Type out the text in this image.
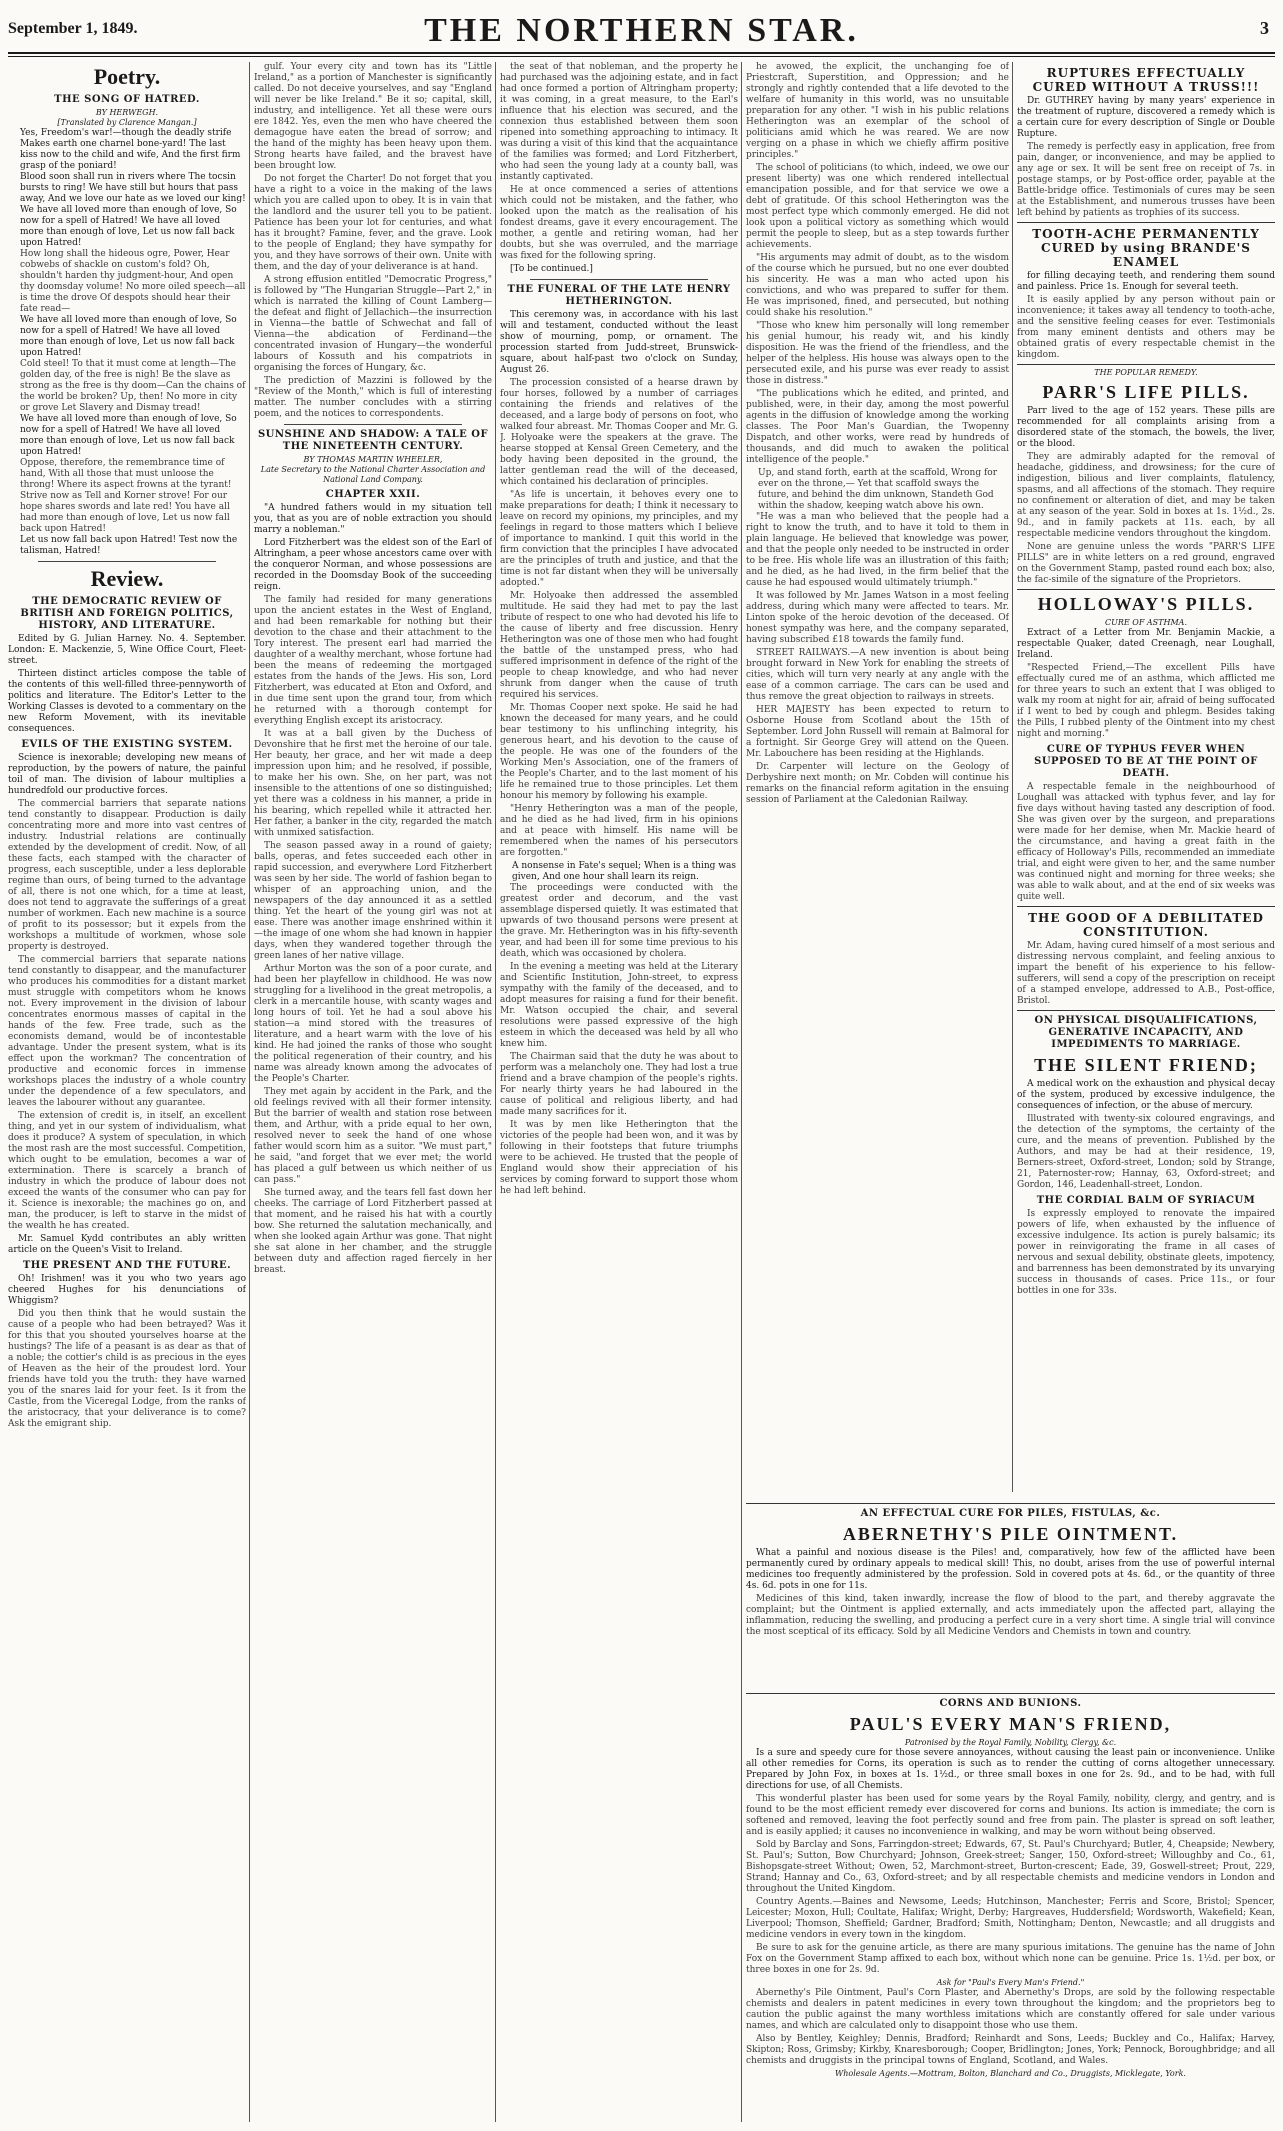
September 1, 1849.	THE NORTHERN STAR.	3
Poetry.
THE SONG OF HATRED.
BY HERWEGH.
[Translated by Clarence Mangan.]

Yes, Freedom's war!—though the deadly strife Makes earth one charnel bone-yard! The last kiss now to the child and wife, And the first firm grasp of the poniard!

Blood soon shall run in rivers where The tocsin bursts to ring! We have still but hours that pass away, And we love our hate as we loved our king!

We have all loved more than enough of love, So now for a spell of Hatred! We have all loved more than enough of love, Let us now fall back upon Hatred!

How long shall the hideous ogre, Power, Hear cobwebs of shackle on custom's fold? Oh, shouldn't harden thy judgment-hour, And open thy doomsday volume! No more oiled speech—all is time the drove Of despots should hear their fate read—

We have all loved more than enough of love, So now for a spell of Hatred! We have all loved more than enough of love, Let us now fall back upon Hatred!

Cold steel! To that it must come at length—The golden day, of the free is nigh! Be the slave as strong as the free is thy doom—Can the chains of the world be broken? Up, then! No more in city or grove Let Slavery and Dismay tread!

We have all loved more than enough of love, So now for a spell of Hatred! We have all loved more than enough of love, Let us now fall back upon Hatred!

Oppose, therefore, the remembrance time of hand, With all those that must unloose the throng! Where its aspect frowns at the tyrant! Strive now as Tell and Korner strove! For our hope shares swords and late red! You have all had more than enough of love, Let us now fall back upon Hatred!

Let us now fall back upon Hatred! Test now the talisman, Hatred!

Review.
THE DEMOCRATIC REVIEW OF BRITISH AND FOREIGN POLITICS, HISTORY, AND LITERATURE.

Edited by G. Julian Harney. No. 4. September. London: E. Mackenzie, 5, Wine Office Court, Fleet-street.

Thirteen distinct articles compose the table of the contents of this well-filled three-pennyworth of politics and literature. The Editor's Letter to the Working Classes is devoted to a commentary on the new Reform Movement, with its inevitable consequences.

EVILS OF THE EXISTING SYSTEM.

Science is inexorable; developing new means of reproduction, by the powers of nature, the painful toil of man. The division of labour multiplies a hundredfold our productive forces.

The commercial barriers that separate nations tend constantly to disappear. Production is daily concentrating more and more into vast centres of industry. Industrial relations are continually extended by the development of credit. Now, of all these facts, each stamped with the character of progress, each susceptible, under a less deplorable regime than ours, of being turned to the advantage of all, there is not one which, for a time at least, does not tend to aggravate the sufferings of a great number of workmen. Each new machine is a source of profit to its possessor; but it expels from the workshops a multitude of workmen, whose sole property is destroyed.

The commercial barriers that separate nations tend constantly to disappear, and the manufacturer who produces his commodities for a distant market must struggle with competitors whom he knows not. Every improvement in the division of labour concentrates enormous masses of capital in the hands of the few. Free trade, such as the economists demand, would be of incontestable advantage. Under the present system, what is its effect upon the workman? The concentration of productive and economic forces in immense workshops places the industry of a whole country under the dependence of a few speculators, and leaves the labourer without any guarantee.

The extension of credit is, in itself, an excellent thing, and yet in our system of individualism, what does it produce? A system of speculation, in which the most rash are the most successful. Competition, which ought to be emulation, becomes a war of extermination. There is scarcely a branch of industry in which the produce of labour does not exceed the wants of the consumer who can pay for it. Science is inexorable; the machines go on, and man, the producer, is left to starve in the midst of the wealth he has created.

Mr. Samuel Kydd contributes an ably written article on the Queen's Visit to Ireland.

THE PRESENT AND THE FUTURE.

Oh! Irishmen! was it you who two years ago cheered Hughes for his denunciations of Whiggism?

Did you then think that he would sustain the cause of a people who had been betrayed? Was it for this that you shouted yourselves hoarse at the hustings? The life of a peasant is as dear as that of a noble; the cottier's child is as precious in the eyes of Heaven as the heir of the proudest lord. Your friends have told you the truth: they have warned you of the snares laid for your feet. Is it from the Castle, from the Viceregal Lodge, from the ranks of the aristocracy, that your deliverance is to come? Ask the emigrant ship.

gulf. Your every city and town has its "Little Ireland," as a portion of Manchester is significantly called. Do not deceive yourselves, and say "England will never be like Ireland." Be it so; capital, skill, industry, and intelligence. Yet all these were ours ere 1842. Yes, even the men who have cheered the demagogue have eaten the bread of sorrow; and the hand of the mighty has been heavy upon them. Strong hearts have failed, and the bravest have been brought low.

Do not forget the Charter! Do not forget that you have a right to a voice in the making of the laws which you are called upon to obey. It is in vain that the landlord and the usurer tell you to be patient. Patience has been your lot for centuries, and what has it brought? Famine, fever, and the grave. Look to the people of England; they have sympathy for you, and they have sorrows of their own. Unite with them, and the day of your deliverance is at hand.

A strong effusion entitled "Democratic Progress," is followed by "The Hungarian Struggle—Part 2," in which is narrated the killing of Count Lamberg—the defeat and flight of Jellachich—the insurrection in Vienna—the battle of Schwechat and fall of Vienna—the abdication of Ferdinand—the concentrated invasion of Hungary—the wonderful labours of Kossuth and his compatriots in organising the forces of Hungary, &c.

The prediction of Mazzini is followed by the "Review of the Month," which is full of interesting matter. The number concludes with a stirring poem, and the notices to correspondents.

SUNSHINE AND SHADOW: A TALE OF THE NINETEENTH CENTURY.
BY THOMAS MARTIN WHEELER,
Late Secretary to the National Charter Association and National Land Company.
CHAPTER XXII.

"A hundred fathers would in my situation tell you, that as you are of noble extraction you should marry a nobleman."

Lord Fitzherbert was the eldest son of the Earl of Altringham, a peer whose ancestors came over with the conqueror Norman, and whose possessions are recorded in the Doomsday Book of the succeeding reign.

The family had resided for many generations upon the ancient estates in the West of England, and had been remarkable for nothing but their devotion to the chase and their attachment to the Tory interest. The present earl had married the daughter of a wealthy merchant, whose fortune had been the means of redeeming the mortgaged estates from the hands of the Jews. His son, Lord Fitzherbert, was educated at Eton and Oxford, and in due time sent upon the grand tour, from which he returned with a thorough contempt for everything English except its aristocracy.

It was at a ball given by the Duchess of Devonshire that he first met the heroine of our tale. Her beauty, her grace, and her wit made a deep impression upon him; and he resolved, if possible, to make her his own. She, on her part, was not insensible to the attentions of one so distinguished; yet there was a coldness in his manner, a pride in his bearing, which repelled while it attracted her. Her father, a banker in the city, regarded the match with unmixed satisfaction.

The season passed away in a round of gaiety; balls, operas, and fetes succeeded each other in rapid succession, and everywhere Lord Fitzherbert was seen by her side. The world of fashion began to whisper of an approaching union, and the newspapers of the day announced it as a settled thing. Yet the heart of the young girl was not at ease. There was another image enshrined within it—the image of one whom she had known in happier days, when they wandered together through the green lanes of her native village.

Arthur Morton was the son of a poor curate, and had been her playfellow in childhood. He was now struggling for a livelihood in the great metropolis, a clerk in a mercantile house, with scanty wages and long hours of toil. Yet he had a soul above his station—a mind stored with the treasures of literature, and a heart warm with the love of his kind. He had joined the ranks of those who sought the political regeneration of their country, and his name was already known among the advocates of the People's Charter.

They met again by accident in the Park, and the old feelings revived with all their former intensity. But the barrier of wealth and station rose between them, and Arthur, with a pride equal to her own, resolved never to seek the hand of one whose father would scorn him as a suitor. "We must part," he said, "and forget that we ever met; the world has placed a gulf between us which neither of us can pass."

She turned away, and the tears fell fast down her cheeks. The carriage of Lord Fitzherbert passed at that moment, and he raised his hat with a courtly bow. She returned the salutation mechanically, and when she looked again Arthur was gone. That night she sat alone in her chamber, and the struggle between duty and affection raged fiercely in her breast.

the seat of that nobleman, and the property he had purchased was the adjoining estate, and in fact had once formed a portion of Altringham property; it was coming, in a great measure, to the Earl's influence that his election was secured, and the connexion thus established between them soon ripened into something approaching to intimacy. It was during a visit of this kind that the acquaintance of the families was formed; and Lord Fitzherbert, who had seen the young lady at a county ball, was instantly captivated.

He at once commenced a series of attentions which could not be mistaken, and the father, who looked upon the match as the realisation of his fondest dreams, gave it every encouragement. The mother, a gentle and retiring woman, had her doubts, but she was overruled, and the marriage was fixed for the following spring.

[To be continued.]

THE FUNERAL OF THE LATE HENRY HETHERINGTON.

This ceremony was, in accordance with his last will and testament, conducted without the least show of mourning, pomp, or ornament. The procession started from Judd-street, Brunswick-square, about half-past two o'clock on Sunday, August 26.

The procession consisted of a hearse drawn by four horses, followed by a number of carriages containing the friends and relatives of the deceased, and a large body of persons on foot, who walked four abreast. Mr. Thomas Cooper and Mr. G. J. Holyoake were the speakers at the grave. The hearse stopped at Kensal Green Cemetery, and the body having been deposited in the ground, the latter gentleman read the will of the deceased, which contained his declaration of principles.

"As life is uncertain, it behoves every one to make preparations for death; I think it necessary to leave on record my opinions, my principles, and my feelings in regard to those matters which I believe of importance to mankind. I quit this world in the firm conviction that the principles I have advocated are the principles of truth and justice, and that the time is not far distant when they will be universally adopted."

Mr. Holyoake then addressed the assembled multitude. He said they had met to pay the last tribute of respect to one who had devoted his life to the cause of liberty and free discussion. Henry Hetherington was one of those men who had fought the battle of the unstamped press, who had suffered imprisonment in defence of the right of the people to cheap knowledge, and who had never shrunk from danger when the cause of truth required his services.

Mr. Thomas Cooper next spoke. He said he had known the deceased for many years, and he could bear testimony to his unflinching integrity, his generous heart, and his devotion to the cause of the people. He was one of the founders of the Working Men's Association, one of the framers of the People's Charter, and to the last moment of his life he remained true to those principles. Let them honour his memory by following his example.

"Henry Hetherington was a man of the people, and he died as he had lived, firm in his opinions and at peace with himself. His name will be remembered when the names of his persecutors are forgotten."

A nonsense in Fate's sequel; When is a thing was given, And one hour shall learn its reign.

The proceedings were conducted with the greatest order and decorum, and the vast assemblage dispersed quietly. It was estimated that upwards of two thousand persons were present at the grave. Mr. Hetherington was in his fifty-seventh year, and had been ill for some time previous to his death, which was occasioned by cholera.

In the evening a meeting was held at the Literary and Scientific Institution, John-street, to express sympathy with the family of the deceased, and to adopt measures for raising a fund for their benefit. Mr. Watson occupied the chair, and several resolutions were passed expressive of the high esteem in which the deceased was held by all who knew him.

The Chairman said that the duty he was about to perform was a melancholy one. They had lost a true friend and a brave champion of the people's rights. For nearly thirty years he had laboured in the cause of political and religious liberty, and had made many sacrifices for it.

It was by men like Hetherington that the victories of the people had been won, and it was by following in their footsteps that future triumphs were to be achieved. He trusted that the people of England would show their appreciation of his services by coming forward to support those whom he had left behind.

he avowed, the explicit, the unchanging foe of Priestcraft, Superstition, and Oppression; and he strongly and rightly contended that a life devoted to the welfare of humanity in this world, was no unsuitable preparation for any other. "I wish in his public relations Hetherington was an exemplar of the school of politicians amid which he was reared. We are now verging on a phase in which we chiefly affirm positive principles."

The school of politicians (to which, indeed, we owe our present liberty) was one which rendered intellectual emancipation possible, and for that service we owe a debt of gratitude. Of this school Hetherington was the most perfect type which commonly emerged. He did not look upon a political victory as something which would permit the people to sleep, but as a step towards further achievements.

"His arguments may admit of doubt, as to the wisdom of the course which he pursued, but no one ever doubted his sincerity. He was a man who acted upon his convictions, and who was prepared to suffer for them. He was imprisoned, fined, and persecuted, but nothing could shake his resolution."

"Those who knew him personally will long remember his genial humour, his ready wit, and his kindly disposition. He was the friend of the friendless, and the helper of the helpless. His house was always open to the persecuted exile, and his purse was ever ready to assist those in distress."

"The publications which he edited, and printed, and published, were, in their day, among the most powerful agents in the diffusion of knowledge among the working classes. The Poor Man's Guardian, the Twopenny Dispatch, and other works, were read by hundreds of thousands, and did much to awaken the political intelligence of the people."

Up, and stand forth, earth at the scaffold, Wrong for ever on the throne,— Yet that scaffold sways the future, and behind the dim unknown, Standeth God within the shadow, keeping watch above his own.

"He was a man who believed that the people had a right to know the truth, and to have it told to them in plain language. He believed that knowledge was power, and that the people only needed to be instructed in order to be free. His whole life was an illustration of this faith; and he died, as he had lived, in the firm belief that the cause he had espoused would ultimately triumph."

It was followed by Mr. James Watson in a most feeling address, during which many were affected to tears. Mr. Linton spoke of the heroic devotion of the deceased. Of honest sympathy was here, and the company separated, having subscribed £18 towards the family fund.

STREET RAILWAYS.—A new invention is about being brought forward in New York for enabling the streets of cities, which will turn very nearly at any angle with the ease of a common carriage. The cars can be used and thus remove the great objection to railways in streets.

HER MAJESTY has been expected to return to Osborne House from Scotland about the 15th of September. Lord John Russell will remain at Balmoral for a fortnight. Sir George Grey will attend on the Queen. Mr. Labouchere has been residing at the Highlands.

Dr. Carpenter will lecture on the Geology of Derbyshire next month; on Mr. Cobden will continue his remarks on the financial reform agitation in the ensuing session of Parliament at the Caledonian Railway.

RUPTURES EFFECTUALLY CURED WITHOUT A TRUSS!!!

Dr. GUTHREY having by many years' experience in the treatment of rupture, discovered a remedy which is a certain cure for every description of Single or Double Rupture.

The remedy is perfectly easy in application, free from pain, danger, or inconvenience, and may be applied to any age or sex. It will be sent free on receipt of 7s. in postage stamps, or by Post-office order, payable at the Battle-bridge office. Testimonials of cures may be seen at the Establishment, and numerous trusses have been left behind by patients as trophies of its success.

TOOTH-ACHE PERMANENTLY CURED by using BRANDE'S ENAMEL

for filling decaying teeth, and rendering them sound and painless. Price 1s. Enough for several teeth.

It is easily applied by any person without pain or inconvenience; it takes away all tendency to tooth-ache, and the sensitive feeling ceases for ever. Testimonials from many eminent dentists and others may be obtained gratis of every respectable chemist in the kingdom.

THE POPULAR REMEDY.
PARR'S LIFE PILLS.

Parr lived to the age of 152 years. These pills are recommended for all complaints arising from a disordered state of the stomach, the bowels, the liver, or the blood.

They are admirably adapted for the removal of headache, giddiness, and drowsiness; for the cure of indigestion, bilious and liver complaints, flatulency, spasms, and all affections of the stomach. They require no confinement or alteration of diet, and may be taken at any season of the year. Sold in boxes at 1s. 1½d., 2s. 9d., and in family packets at 11s. each, by all respectable medicine vendors throughout the kingdom.

None are genuine unless the words "PARR'S LIFE PILLS" are in white letters on a red ground, engraved on the Government Stamp, pasted round each box; also, the fac-simile of the signature of the Proprietors.

HOLLOWAY'S PILLS.
CURE OF ASTHMA.

Extract of a Letter from Mr. Benjamin Mackie, a respectable Quaker, dated Creenagh, near Loughall, Ireland.

"Respected Friend,—The excellent Pills have effectually cured me of an asthma, which afflicted me for three years to such an extent that I was obliged to walk my room at night for air, afraid of being suffocated if I went to bed by cough and phlegm. Besides taking the Pills, I rubbed plenty of the Ointment into my chest night and morning."

CURE OF TYPHUS FEVER WHEN SUPPOSED TO BE AT THE POINT OF DEATH.

A respectable female in the neighbourhood of Loughall was attacked with typhus fever, and lay for five days without having tasted any description of food. She was given over by the surgeon, and preparations were made for her demise, when Mr. Mackie heard of the circumstance, and having a great faith in the efficacy of Holloway's Pills, recommended an immediate trial, and eight were given to her, and the same number was continued night and morning for three weeks; she was able to walk about, and at the end of six weeks was quite well.

THE GOOD OF A DEBILITATED CONSTITUTION.

Mr. Adam, having cured himself of a most serious and distressing nervous complaint, and feeling anxious to impart the benefit of his experience to his fellow-sufferers, will send a copy of the prescription on receipt of a stamped envelope, addressed to A.B., Post-office, Bristol.

ON PHYSICAL DISQUALIFICATIONS, GENERATIVE INCAPACITY, AND IMPEDIMENTS TO MARRIAGE.
THE SILENT FRIEND;

A medical work on the exhaustion and physical decay of the system, produced by excessive indulgence, the consequences of infection, or the abuse of mercury.

Illustrated with twenty-six coloured engravings, and the detection of the symptoms, the certainty of the cure, and the means of prevention. Published by the Authors, and may be had at their residence, 19, Berners-street, Oxford-street, London; sold by Strange, 21, Paternoster-row; Hannay, 63, Oxford-street; and Gordon, 146, Leadenhall-street, London.

THE CORDIAL BALM OF SYRIACUM

Is expressly employed to renovate the impaired powers of life, when exhausted by the influence of excessive indulgence. Its action is purely balsamic; its power in reinvigorating the frame in all cases of nervous and sexual debility, obstinate gleets, impotency, and barrenness has been demonstrated by its unvarying success in thousands of cases. Price 11s., or four bottles in one for 33s.

AN EFFECTUAL CURE FOR PILES, FISTULAS, &c.
ABERNETHY'S PILE OINTMENT.

What a painful and noxious disease is the Piles! and, comparatively, how few of the afflicted have been permanently cured by ordinary appeals to medical skill! This, no doubt, arises from the use of powerful internal medicines too frequently administered by the profession. Sold in covered pots at 4s. 6d., or the quantity of three 4s. 6d. pots in one for 11s.

Medicines of this kind, taken inwardly, increase the flow of blood to the part, and thereby aggravate the complaint; but the Ointment is applied externally, and acts immediately upon the affected part, allaying the inflammation, reducing the swelling, and producing a perfect cure in a very short time. A single trial will convince the most sceptical of its efficacy. Sold by all Medicine Vendors and Chemists in town and country.

CORNS AND BUNIONS.
PAUL'S EVERY MAN'S FRIEND,
Patronised by the Royal Family, Nobility, Clergy, &c.

Is a sure and speedy cure for those severe annoyances, without causing the least pain or inconvenience. Unlike all other remedies for Corns, its operation is such as to render the cutting of corns altogether unnecessary. Prepared by John Fox, in boxes at 1s. 1½d., or three small boxes in one for 2s. 9d., and to be had, with full directions for use, of all Chemists.

This wonderful plaster has been used for some years by the Royal Family, nobility, clergy, and gentry, and is found to be the most efficient remedy ever discovered for corns and bunions. Its action is immediate; the corn is softened and removed, leaving the foot perfectly sound and free from pain. The plaster is spread on soft leather, and is easily applied; it causes no inconvenience in walking, and may be worn without being observed.

Sold by Barclay and Sons, Farringdon-street; Edwards, 67, St. Paul's Churchyard; Butler, 4, Cheapside; Newbery, St. Paul's; Sutton, Bow Churchyard; Johnson, Greek-street; Sanger, 150, Oxford-street; Willoughby and Co., 61, Bishopsgate-street Without; Owen, 52, Marchmont-street, Burton-crescent; Eade, 39, Goswell-street; Prout, 229, Strand; Hannay and Co., 63, Oxford-street; and by all respectable chemists and medicine vendors in London and throughout the United Kingdom.

Country Agents.—Baines and Newsome, Leeds; Hutchinson, Manchester; Ferris and Score, Bristol; Spencer, Leicester; Moxon, Hull; Coultate, Halifax; Wright, Derby; Hargreaves, Huddersfield; Wordsworth, Wakefield; Kean, Liverpool; Thomson, Sheffield; Gardner, Bradford; Smith, Nottingham; Denton, Newcastle; and all druggists and medicine vendors in every town in the kingdom.

Be sure to ask for the genuine article, as there are many spurious imitations. The genuine has the name of John Fox on the Government Stamp affixed to each box, without which none can be genuine. Price 1s. 1½d. per box, or three boxes in one for 2s. 9d.

Ask for "Paul's Every Man's Friend."

Abernethy's Pile Ointment, Paul's Corn Plaster, and Abernethy's Drops, are sold by the following respectable chemists and dealers in patent medicines in every town throughout the kingdom; and the proprietors beg to caution the public against the many worthless imitations which are constantly offered for sale under various names, and which are calculated only to disappoint those who use them.

Also by Bentley, Keighley; Dennis, Bradford; Reinhardt and Sons, Leeds; Buckley and Co., Halifax; Harvey, Skipton; Ross, Grimsby; Kirkby, Knaresborough; Cooper, Bridlington; Jones, York; Pennock, Boroughbridge; and all chemists and druggists in the principal towns of England, Scotland, and Wales.

Wholesale Agents.—Mottram, Bolton, Blanchard and Co., Druggists, Micklegate, York.
